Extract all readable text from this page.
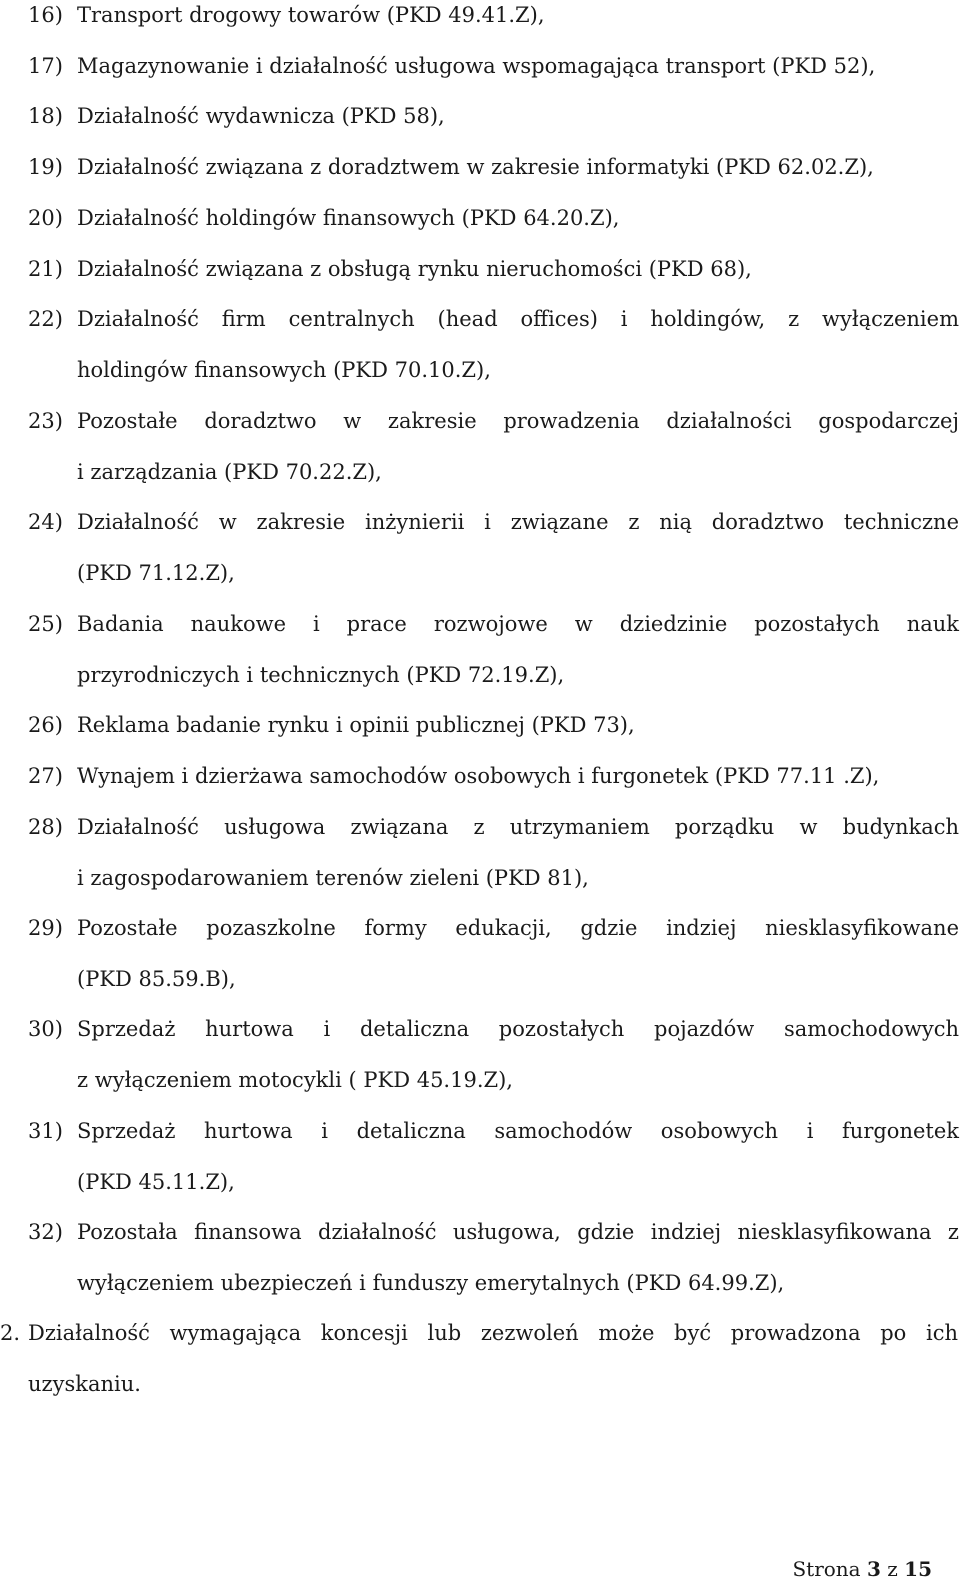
16) Transport drogowy towarów (PKD 49.41.Z),
17) Magazynowanie i działalność usługowa wspomagająca transport (PKD 52),
18) Działalność wydawnicza (PKD 58),
19) Działalność związana z doradztwem w zakresie informatyki (PKD 62.02.Z),
20) Działalność holdingów finansowych (PKD 64.20.Z),
21) Działalność związana z obsługą rynku nieruchomości (PKD 68),
22) Działalność firm centralnych (head offices) i holdingów, z wyłączeniem
holdingów finansowych (PKD 70.10.Z),
23) Pozostałe doradztwo w zakresie prowadzenia działalności gospodarczej
i zarządzania (PKD 70.22.Z),
24) Działalność w zakresie inżynierii i związane z nią doradztwo techniczne
(PKD 71.12.Z),
25) Badania naukowe i prace rozwojowe w dziedzinie pozostałych nauk
przyrodniczych i technicznych (PKD 72.19.Z),
26) Reklama badanie rynku i opinii publicznej (PKD 73),
27) Wynajem i dzierżawa samochodów osobowych i furgonetek (PKD 77.11 .Z),
28) Działalność usługowa związana z utrzymaniem porządku w budynkach
i zagospodarowaniem terenów zieleni (PKD 81),
29) Pozostałe pozaszkolne formy edukacji, gdzie indziej niesklasyfikowane
(PKD 85.59.B),
30) Sprzedaż hurtowa i detaliczna pozostałych pojazdów samochodowych
z wyłączeniem motocykli ( PKD 45.19.Z),
31) Sprzedaż hurtowa i detaliczna samochodów osobowych i furgonetek
(PKD 45.11.Z),
32) Pozostała finansowa działalność usługowa, gdzie indziej niesklasyfikowana z
wyłączeniem ubezpieczeń i funduszy emerytalnych (PKD 64.99.Z),
2. Działalność wymagająca koncesji lub zezwoleń może być prowadzona po ich
uzyskaniu.
Strona 3 z 15
